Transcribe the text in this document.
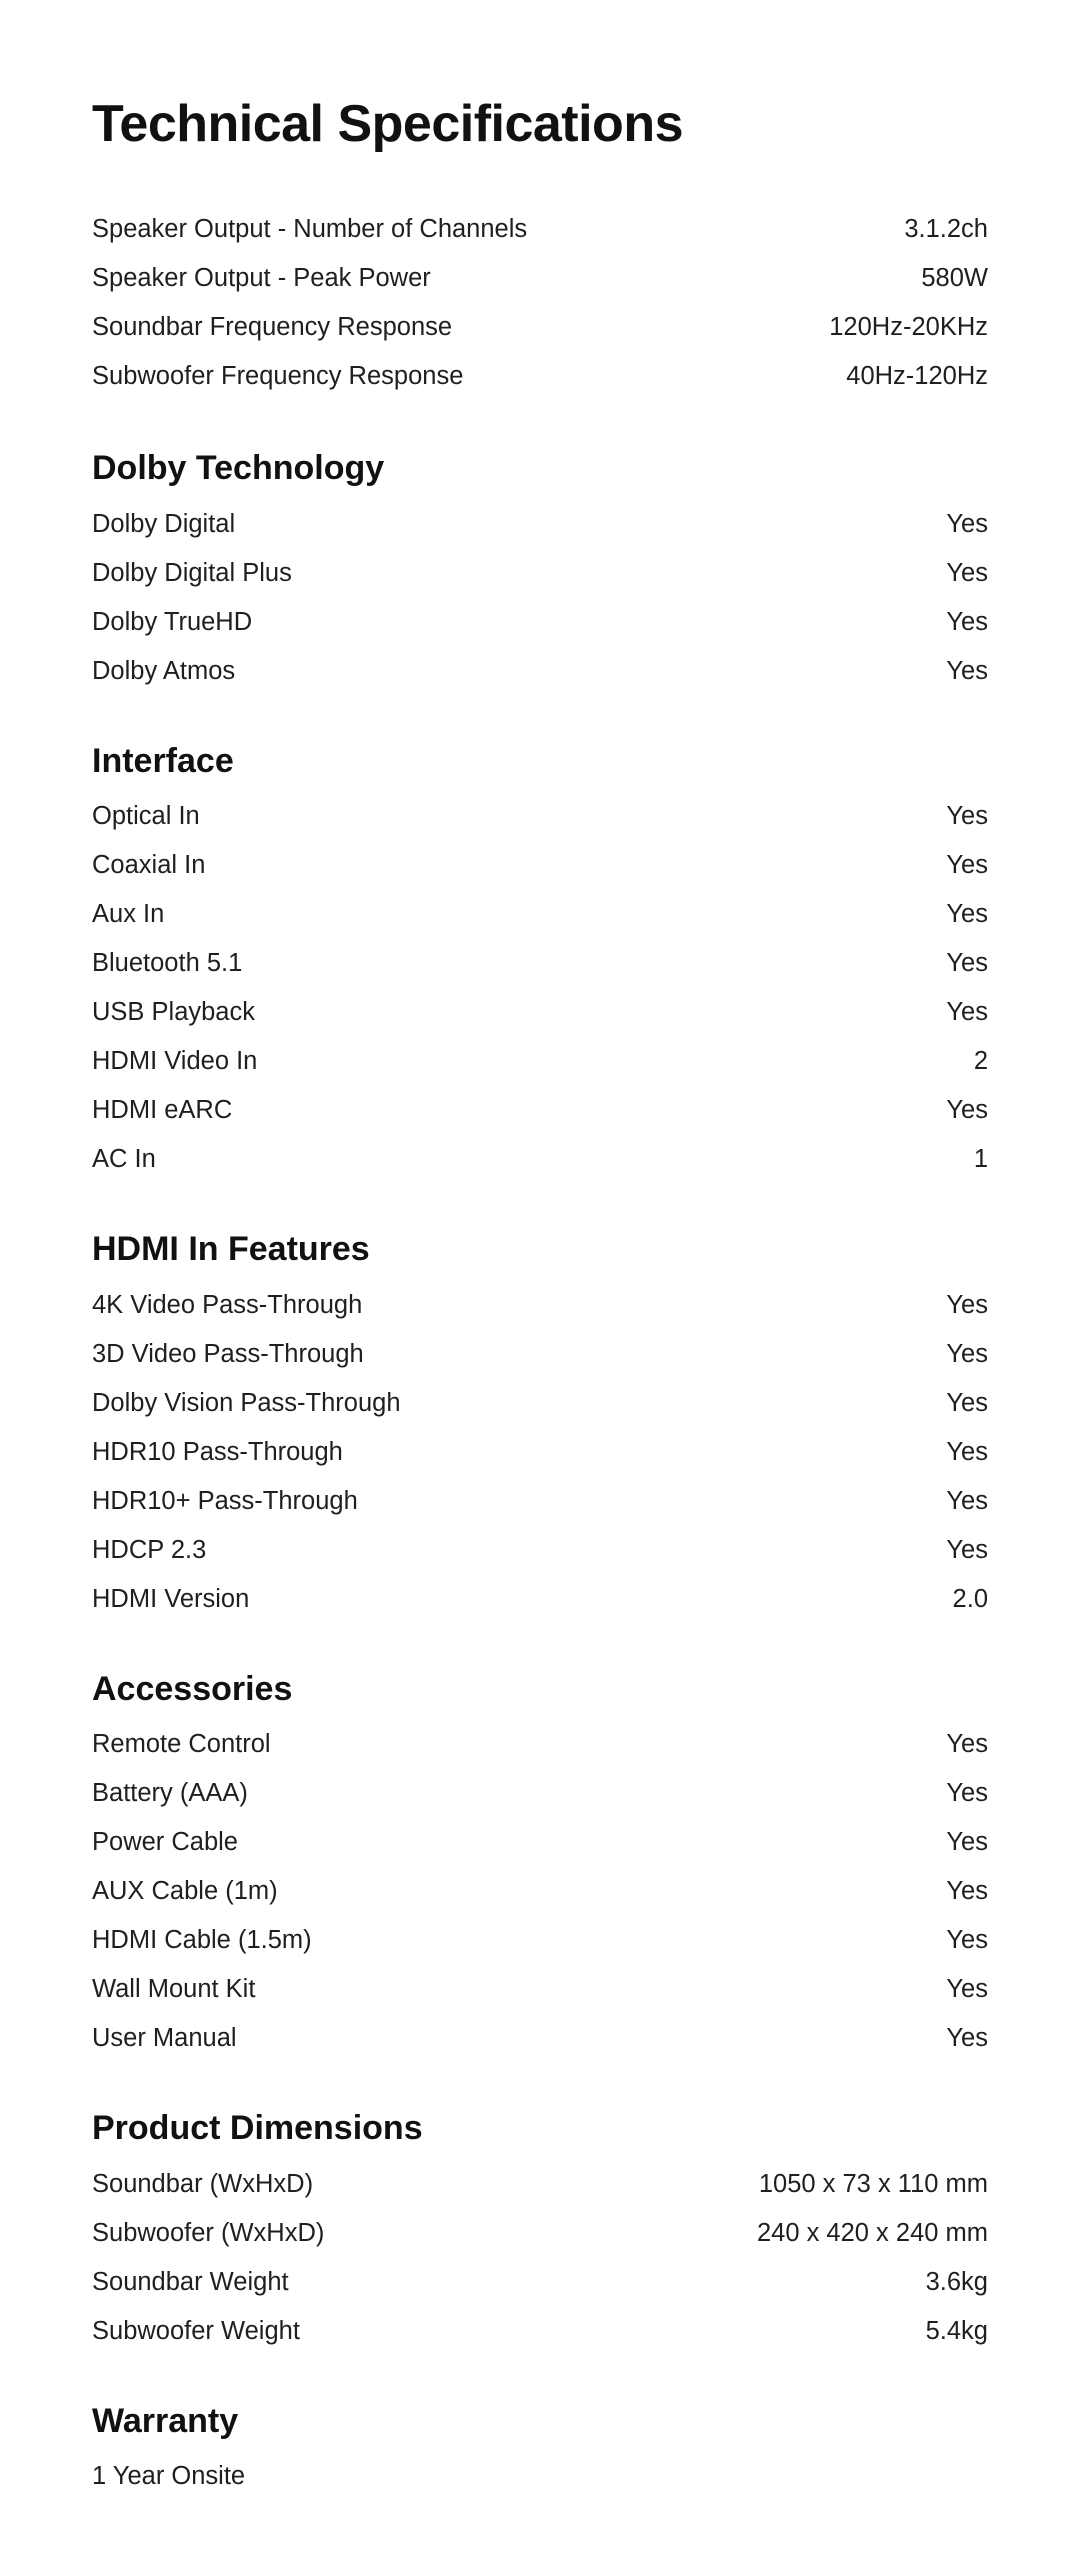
Technical Specifications
Speaker Output - Number of Channels	3.1.2ch
Speaker Output - Peak Power	580W
Soundbar Frequency Response	120Hz-20KHz
Subwoofer Frequency Response	40Hz-120Hz
Dolby Technology
Dolby Digital	Yes
Dolby Digital Plus	Yes
Dolby TrueHD	Yes
Dolby Atmos	Yes
Interface
Optical In	Yes
Coaxial In	Yes
Aux In	Yes
Bluetooth 5.1	Yes
USB Playback	Yes
HDMI Video In	2
HDMI eARC	Yes
AC In	1
HDMI In Features
4K Video Pass-Through	Yes
3D Video Pass-Through	Yes
Dolby Vision Pass-Through	Yes
HDR10 Pass-Through	Yes
HDR10+ Pass-Through	Yes
HDCP 2.3	Yes
HDMI Version	2.0
Accessories
Remote Control	Yes
Battery (AAA)	Yes
Power Cable	Yes
AUX Cable (1m)	Yes
HDMI Cable (1.5m)	Yes
Wall Mount Kit	Yes
User Manual	Yes
Product Dimensions
Soundbar (WxHxD)	1050 x 73 x 110 mm
Subwoofer (WxHxD)	240 x 420 x 240 mm
Soundbar Weight	3.6kg
Subwoofer Weight	5.4kg
Warranty
1 Year Onsite
